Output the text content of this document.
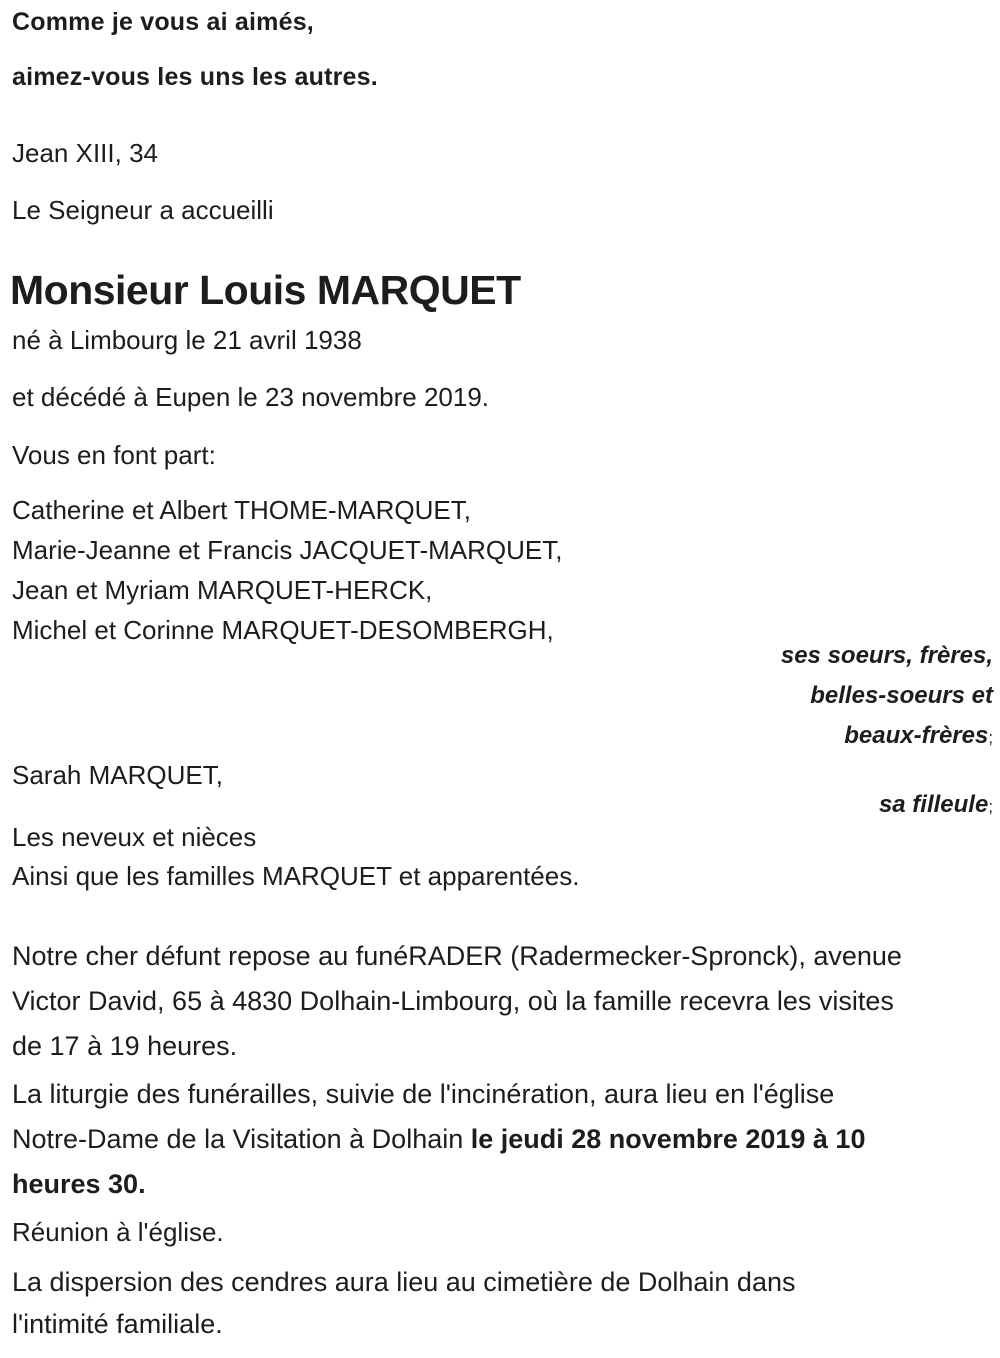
Comme je vous ai aimés,
aimez-vous les uns les autres.
Jean XIII, 34
Le Seigneur a accueilli
Monsieur Louis MARQUET
né à Limbourg le 21 avril 1938
et décédé à Eupen le 23 novembre 2019.
Vous en font part:
Catherine et Albert THOME-MARQUET,
Marie-Jeanne et Francis JACQUET-MARQUET,
Jean et Myriam MARQUET-HERCK,
Michel et Corinne MARQUET-DESOMBERGH,
ses soeurs, frères,
belles-soeurs et
beaux-frères;
Sarah MARQUET,
sa filleule;
Les neveux et nièces
Ainsi que les familles MARQUET et apparentées.
Notre cher défunt repose au funéRADER (Radermecker-Spronck), avenue
Victor David, 65 à 4830 Dolhain-Limbourg, où la famille recevra les visites
de 17 à 19 heures.
La liturgie des funérailles, suivie de l'incinération, aura lieu en l'église
Notre-Dame de la Visitation à Dolhain le jeudi 28 novembre 2019 à 10
heures 30.
Réunion à l'église.
La dispersion des cendres aura lieu au cimetière de Dolhain dans
l'intimité familiale.
